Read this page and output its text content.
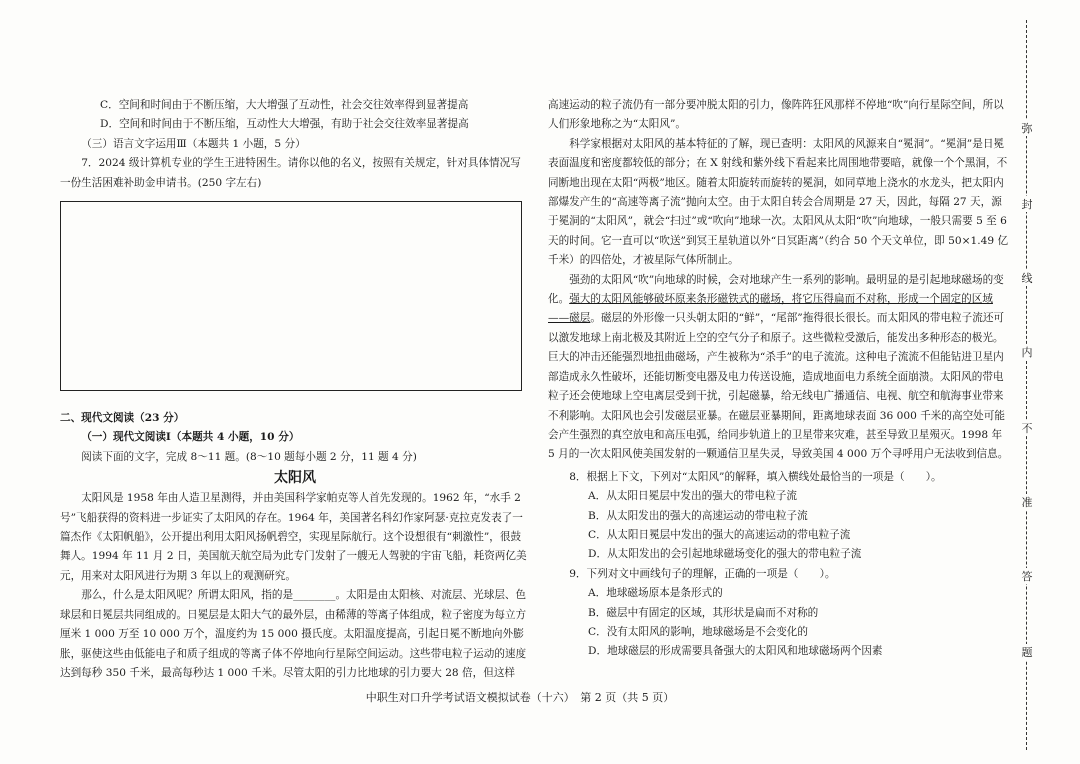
C．空间和时间由于不断压缩，大大增强了互动性，社会交往效率得到显著提高

D．空间和时间由于不断压缩，互动性大大增强，有助于社会交往效率显著提高

（三）语言文字运用Ⅲ（本题共 1 小题，5 分）

7．2024 级计算机专业的学生王进特困生。请你以他的名义，按照有关规定，针对具体情况写一份生活困难补助金申请书。(250 字左右)

二、现代文阅读（23 分）

（一）现代文阅读Ⅰ（本题共 4 小题，10 分）

阅读下面的文字，完成 8～11 题。(8～10 题每小题 2 分，11 题 4 分)

太阳风

太阳风是 1958 年由人造卫星测得，并由美国科学家帕克等人首先发现的。1962 年，“水手 2 号”飞船获得的资料进一步证实了太阳风的存在。1964 年，美国著名科幻作家阿瑟·克拉克发表了一篇杰作《太阳帆船》，公开提出利用太阳风扬帆碧空，实现星际航行。这个设想很有“刺激性”，很鼓舞人。1994 年 11 月 2 日，美国航天航空局为此专门发射了一艘无人驾驶的宇宙飞船，耗资两亿美元，用来对太阳风进行为期 3 年以上的观测研究。

那么，什么是太阳风呢？所谓太阳风，指的是________。太阳是由太阳核、对流层、光球层、色球层和日冕层共同组成的。日冕层是太阳大气的最外层，由稀薄的等离子体组成，粒子密度为每立方厘米 1 000 万至 10 000 万个，温度约为 15 000 摄氏度。太阳温度提高，引起日冕不断地向外膨胀，驱使这些由低能电子和质子组成的等离子体不停地向行星际空间运动。这些带电粒子运动的速度达到每秒 350 千米，最高每秒达 1 000 千米。尽管太阳的引力比地球的引力要大 28 倍，但这样

高速运动的粒子流仍有一部分要冲脱太阳的引力，像阵阵狂风那样不停地“吹”向行星际空间，所以人们形象地称之为“太阳风”。

科学家根据对太阳风的基本特征的了解，现已查明：太阳风的风源来自“冕洞”。“冕洞”是日冕表面温度和密度都较低的部分；在 X 射线和紫外线下看起来比周围地带要暗，就像一个个黑洞，不同断地出现在太阳“两极”地区。随着太阳旋转而旋转的冕洞，如同草地上浇水的水龙头，把太阳内部爆发产生的“高速等离子流”抛向太空。由于太阳自转会合周期是 27 天，因此，每隔 27 天，源于冕洞的“太阳风”，就会“扫过”或“吹向”地球一次。太阳风从太阳“吹”向地球，一般只需要 5 至 6 天的时间。它一直可以“吹送”到冥王星轨道以外“日冥距离”（约合 50 个天文单位，即 50×1.49 亿千米）的四倍处，才被星际气体所制止。

强劲的太阳风“吹”向地球的时候，会对地球产生一系列的影响。最明显的是引起地球磁场的变化。强大的太阳风能够破坏原来条形磁铁式的磁场，将它压得扁而不对称，形成一个固定的区域——磁层。磁层的外形像一只头朝太阳的“鲜”，“尾部”拖得很长很长。而太阳风的带电粒子流还可以激发地球上南北极及其附近上空的空气分子和原子。这些微粒受激后，能发出多种形态的极光。巨大的冲击还能强烈地扭曲磁场，产生被称为“杀手”的电子流流。这种电子流流不但能钻进卫星内部造成永久性破坏，还能切断变电器及电力传送设施，造成地面电力系统全面崩溃。太阳风的带电粒子还会使地球上空电离层受到干扰，引起磁暴，给无线电广播通信、电视、航空和航海事业带来不利影响。太阳风也会引发磁层亚暴。在磁层亚暴期间，距离地球表面 36 000 千米的高空处可能会产生强烈的真空放电和高压电弧，给同步轨道上的卫星带来灾难，甚至导致卫星殒灭。1998 年 5 月的一次太阳风使美国发射的一颗通信卫星失灵，导致美国 4 000 万个寻呼用户无法收到信息。

8．根据上下文，下列对“太阳风”的解释，填入横线处最恰当的一项是（　　）。

A．从太阳日冕层中发出的强大的带电粒子流

B．从太阳发出的强大的高速运动的带电粒子流

C．从太阳日冕层中发出的强大的高速运动的带电粒子流

D．从太阳发出的会引起地球磁场变化的强大的带电粒子流

9．下列对文中画线句子的理解，正确的一项是（　　）。

A．地球磁场原本是条形式的

B．磁层中有固定的区域，其形状是扁而不对称的

C．没有太阳风的影响，地球磁场是不会变化的

D．地球磁层的形成需要具备强大的太阳风和地球磁场两个因素

中职生对口升学考试语文模拟试卷（十六）　第 2 页（共 5 页）
弥
封
线
内
不
准
答
题
